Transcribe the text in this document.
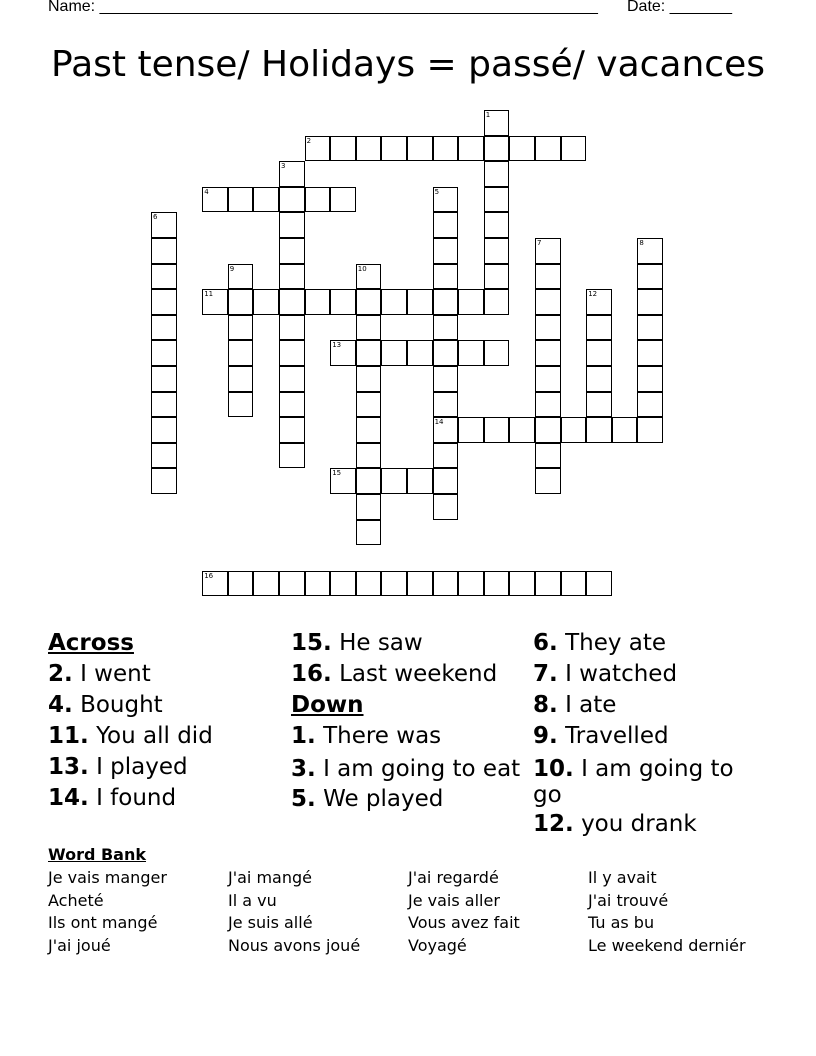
Name: ________________________________________________________ Date: _______
Past tense/ Holidays = passé/ vacances
1
2
3
4	5
14
6
7	8
9	10
11	12
13
15
16
Across
2. I went
4. Bought
11. You all did
13. I played
14. I found
15. He saw
16. Last weekend
Down
1. There was
3. I am going to eat
5. We played
6. They ate
7. I watched
8. I ate
9. Travelled
10. I am going to go
12. you drank
Word Bank
Je vais manger
Acheté
Ils ont mangé
J'ai joué
J'ai mangé
Il a vu
Je suis allé
Nous avons joué
J'ai regardé
Je vais aller
Vous avez fait
Voyagé
Il y avait
J'ai trouvé
Tu as bu
Le weekend derniér
